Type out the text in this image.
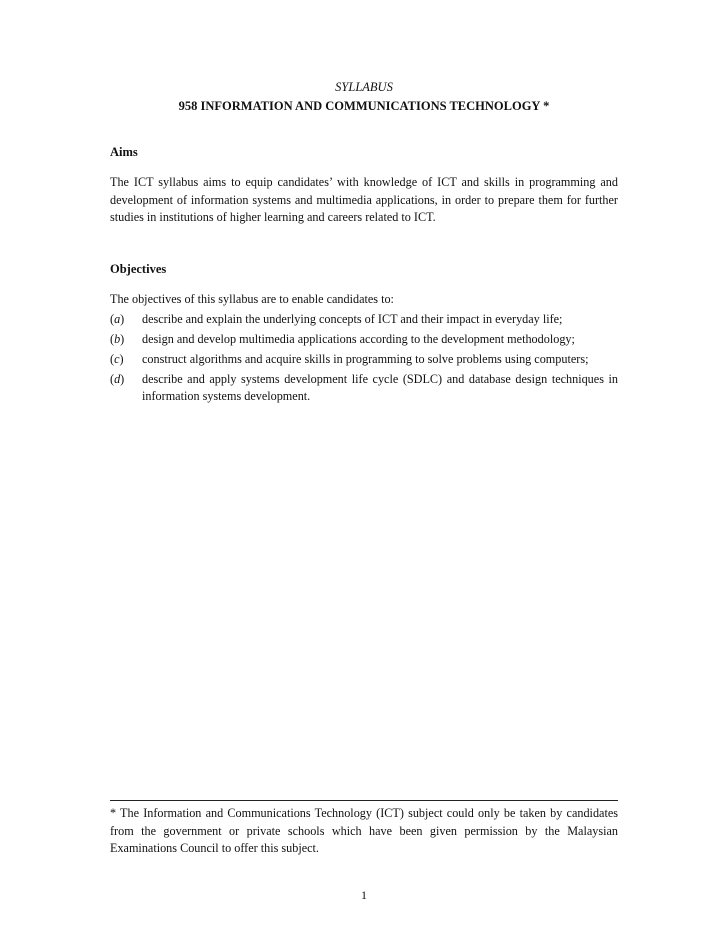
SYLLABUS
958 INFORMATION AND COMMUNICATIONS TECHNOLOGY *
Aims
The ICT syllabus aims to equip candidates’ with knowledge of ICT and skills in programming and development of information systems and multimedia applications, in order to prepare them for further studies in institutions of higher learning and careers related to ICT.
Objectives
The objectives of this syllabus are to enable candidates to:
(a)	describe and explain the underlying concepts of ICT and their impact in everyday life;
(b)	design and develop multimedia applications according to the development methodology;
(c)	construct algorithms and acquire skills in programming to solve problems using computers;
(d)	describe and apply systems development life cycle (SDLC) and database design techniques in information systems development.
* The Information and Communications Technology (ICT) subject could only be taken by candidates from the government or private schools which have been given permission by the Malaysian Examinations Council to offer this subject.
1
